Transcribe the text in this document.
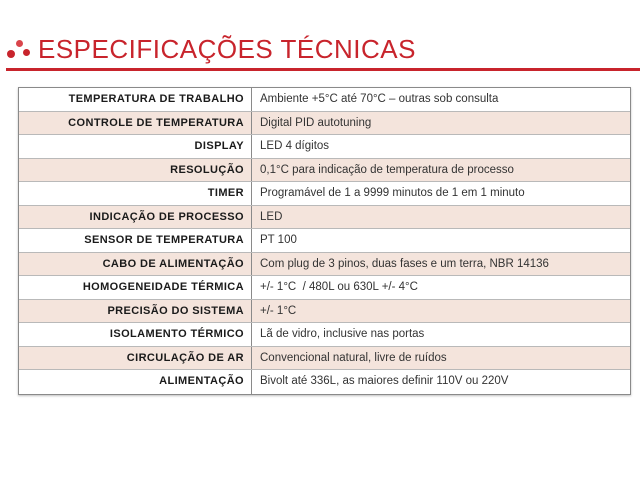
ESPECIFICAÇÕES TÉCNICAS
TEMPERATURA DE TRABALHO	Ambiente +5°C até 70°C – outras sob consulta
CONTROLE DE TEMPERATURA	Digital PID autotuning
DISPLAY	LED 4 dígitos
RESOLUÇÃO	0,1°C para indicação de temperatura de processo
TIMER	Programável de 1 a 9999 minutos de 1 em 1 minuto
INDICAÇÃO DE PROCESSO	LED
SENSOR DE TEMPERATURA	PT 100
CABO DE ALIMENTAÇÃO	Com plug de 3 pinos, duas fases e um terra, NBR 14136
HOMOGENEIDADE TÉRMICA	+/- 1°C  / 480L ou 630L +/- 4°C
PRECISÃO DO SISTEMA	+/- 1°C
ISOLAMENTO TÉRMICO	Lã de vidro, inclusive nas portas
CIRCULAÇÃO DE AR	Convencional natural, livre de ruídos
ALIMENTAÇÃO	Bivolt até 336L, as maiores definir 110V ou 220V
